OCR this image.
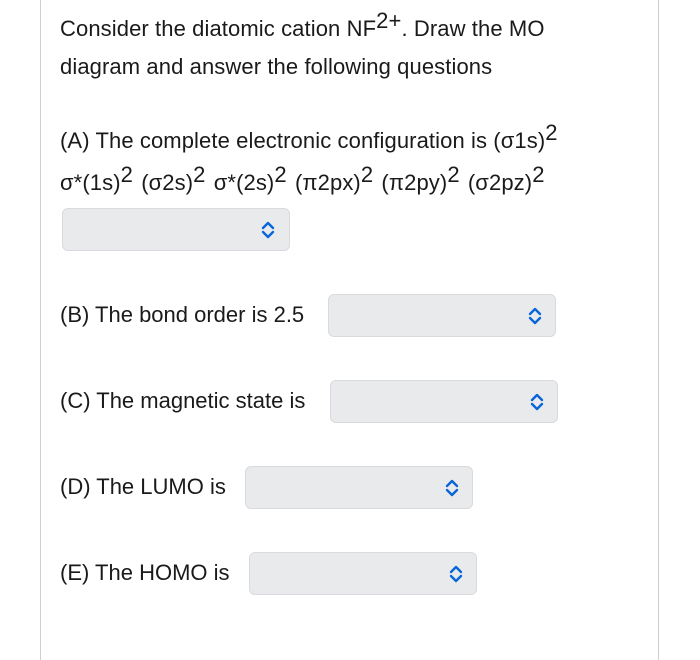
Consider the diatomic cation $NF^{2+}$. Draw the MO
diagram and answer the following questions
(A) The complete electronic configuration is $(\sigma 1s)^2$
$\sigma*(1s)^2$ $(\sigma 2s)^2$ $\sigma*(2s)^2$ $(\pi 2px)^2$ $(\pi 2py)^2$ $(\sigma 2pz)^2$
(B) The bond order is 2.5
(C) The magnetic state is
(D) The LUMO is
(E) The HOMO is
